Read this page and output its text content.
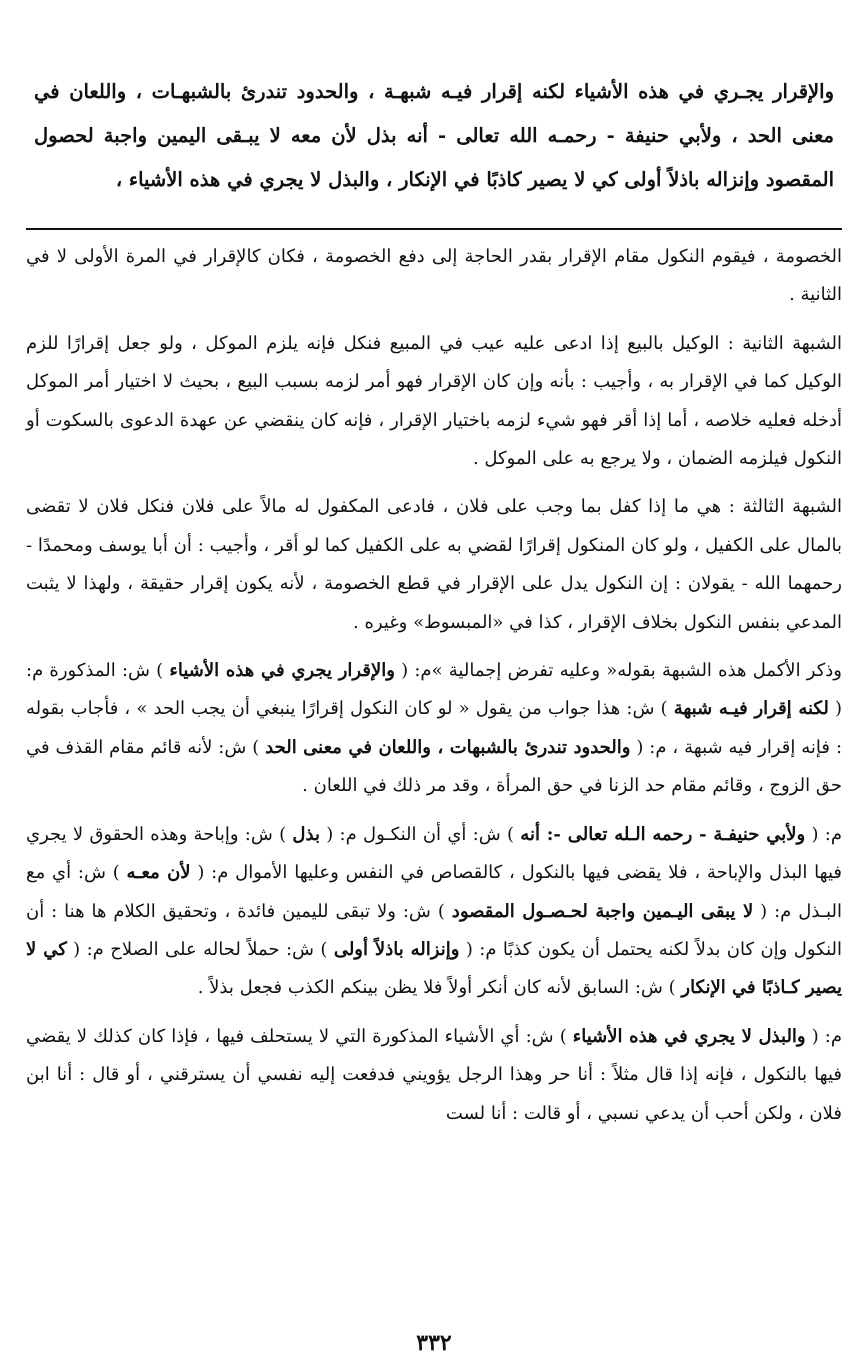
والإقرار يجـري في هذه الأشياء لكنه إقرار فيـه شبهـة ، والحدود تندرئ بالشبهـات ، واللعان في معنى الحد ، ولأبي حنيفة - رحمـه الله تعالى - أنه بذل لأن معه لا يبـقى اليمين واجبة لحصول المقصود وإنزاله باذلاً أولى كي لا يصير كاذبًا في الإنكار ، والبذل لا يجري في هذه الأشياء ،

الخصومة ، فيقوم النكول مقام الإقرار بقدر الحاجة إلى دفع الخصومة ، فكان كالإقرار في المرة الأولى لا في الثانية .

الشبهة الثانية : الوكيل بالبيع إذا ادعى عليه عيب في المبيع فنكل فإنه يلزم الموكل ، ولو جعل إقرارًا للزم الوكيل كما في الإقرار به ، وأجيب : بأنه وإن كان الإقرار فهو أمر لزمه بسبب البيع ، بحيث لا اختيار أمر الموكل أدخله فعليه خلاصه ، أما إذا أقر فهو شيء لزمه باختيار الإقرار ، فإنه كان ينقضي عن عهدة الدعوى بالسكوت أو النكول فيلزمه الضمان ، ولا يرجع به على الموكل .

الشبهة الثالثة : هي ما إذا كفل بما وجب على فلان ، فادعى المكفول له مالاً على فلان فنكل فلان لا تقضى بالمال على الكفيل ، ولو كان المنكول إقرارًا لقضي به على الكفيل كما لو أقر ، وأجيب : أن أبا يوسف ومحمدًا - رحمهما الله - يقولان : إن النكول يدل على الإقرار في قطع الخصومة ، لأنه يكون إقرار حقيقة ، ولهذا لا يثبت المدعي بنفس النكول بخلاف الإقرار ، كذا في «المبسوط» وغيره .

وذكر الأكمل هذه الشبهة بقوله« وعليه تفرض إجمالية »م: ( والإقرار يجري في هذه الأشياء ) ش: المذكورة م: ( لكنه إقرار فيـه شبهة ) ش: هذا جواب من يقول « لو كان النكول إقرارًا ينبغي أن يجب الحد » ، فأجاب بقوله : فإنه إقرار فيه شبهة ، م: ( والحدود تندرئ بالشبهات ، واللعان في معنى الحد ) ش: لأنه قائم مقام القذف في حق الزوج ، وقائم مقام حد الزنا في حق المرأة ، وقد مر ذلك في اللعان .

م: ( ولأبي حنيفـة - رحمه الـله تعالى -: أنه ) ش: أي أن النكـول م: ( بذل ) ش: وإباحة وهذه الحقوق لا يجري فيها البذل والإباحة ، فلا يقضى فيها بالنكول ، كالقصاص في النفس وعليها الأموال م: ( لأن معـه ) ش: أي مع البـذل م: ( لا يبقى اليـمين واجبة لحـصـول المقصود ) ش: ولا تبقى لليمين فائدة ، وتحقيق الكلام ها هنا : أن النكول وإن كان بدلاً لكنه يحتمل أن يكون كذبًا م: ( وإنزاله باذلاً أولى ) ش: حملاً لحاله على الصلاح م: ( كي لا يصير كـاذبًا في الإنكار ) ش: السابق لأنه كان أنكر أولاً فلا يظن بينكم الكذب فجعل بذلاً .

م: ( والبذل لا يجري في هذه الأشياء ) ش: أي الأشياء المذكورة التي لا يستحلف فيها ، فإذا كان كذلك لا يقضي فيها بالنكول ، فإنه إذا قال مثلاً : أنا حر وهذا الرجل يؤويني فدفعت إليه نفسي أن يسترقني ، أو قال : أنا ابن فلان ، ولكن أحب أن يدعي نسبي ، أو قالت : أنا لست

٣٣٢
